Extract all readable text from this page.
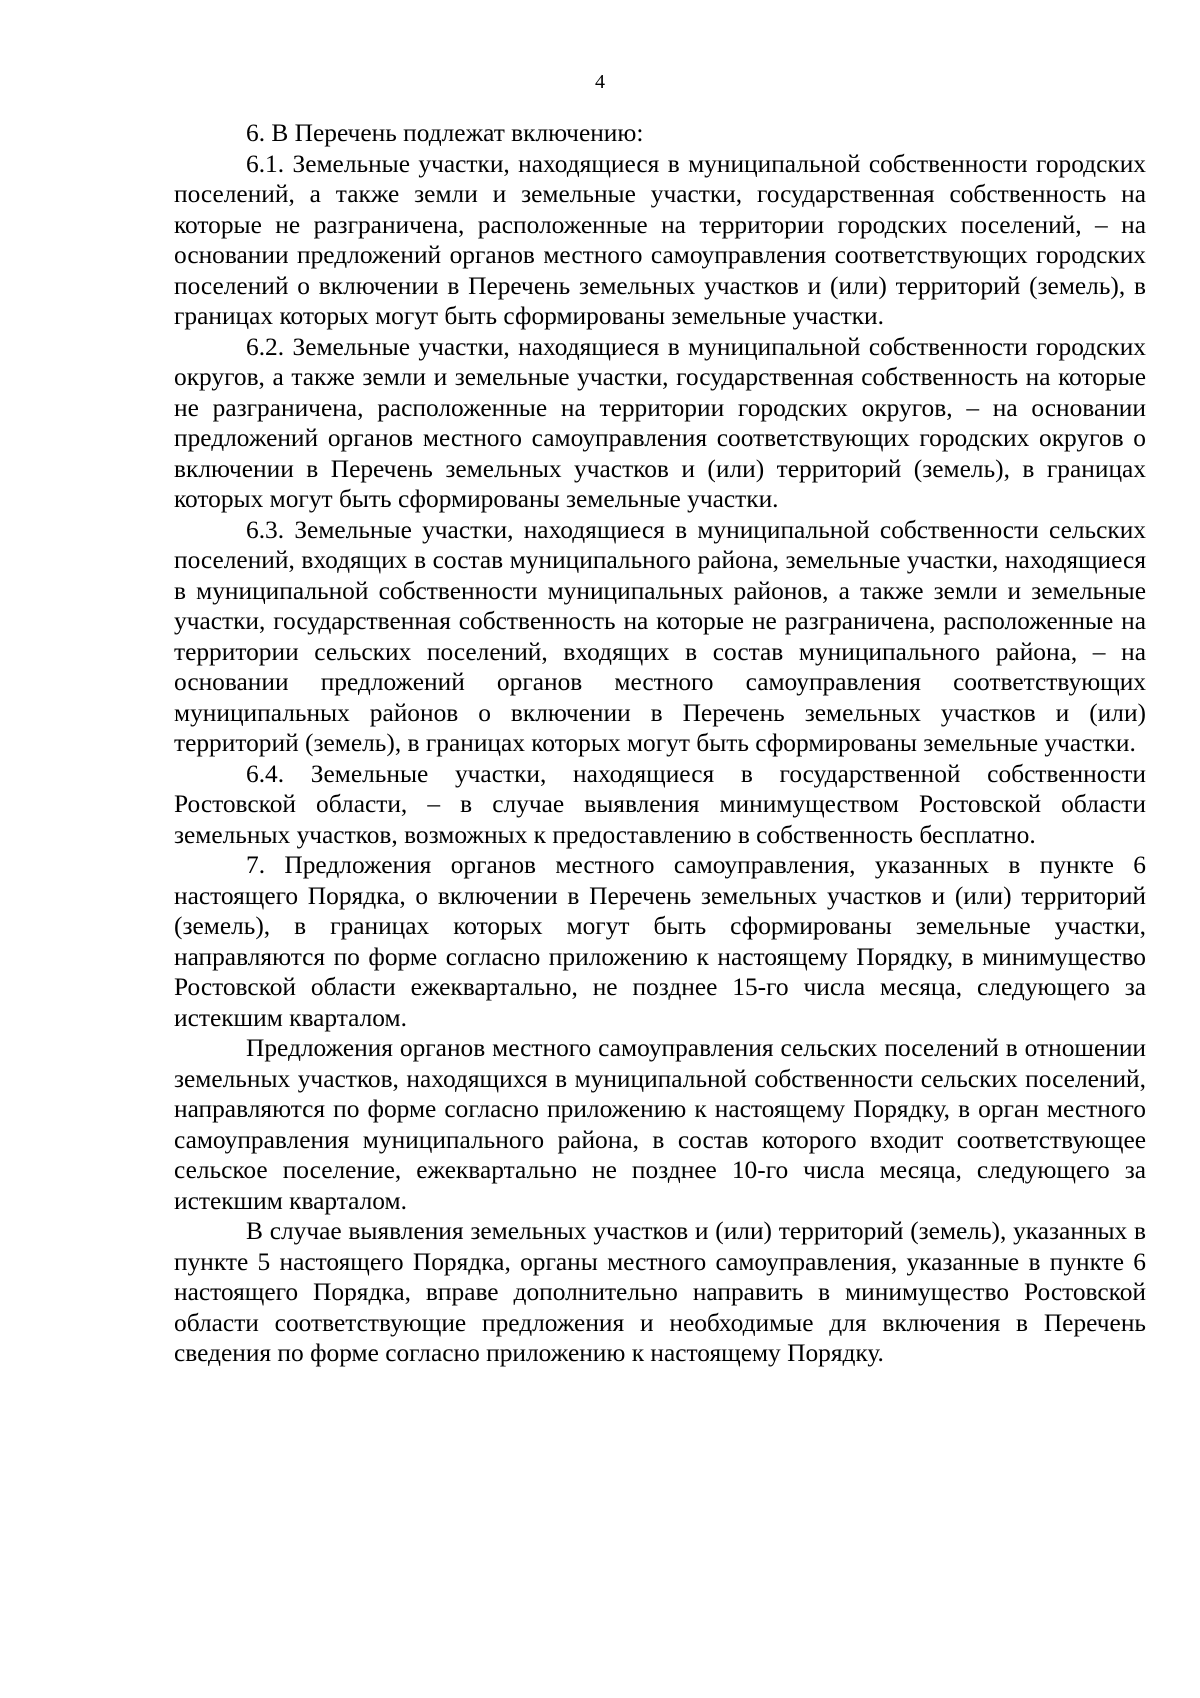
4

6. В Перечень подлежат включению:

6.1. Земельные участки, находящиеся в муниципальной собственности городских поселений, а также земли и земельные участки, государственная собственность на которые не разграничена, расположенные на территории городских поселений, – на основании предложений органов местного самоуправления соответствующих городских поселений о включении в Перечень земельных участков и (или) территорий (земель), в границах которых могут быть сформированы земельные участки.

6.2. Земельные участки, находящиеся в муниципальной собственности городских округов, а также земли и земельные участки, государственная собственность на которые не разграничена, расположенные на территории городских округов, – на основании предложений органов местного самоуправления соответствующих городских округов о включении в Перечень земельных участков и (или) территорий (земель), в границах которых могут быть сформированы земельные участки.

6.3. Земельные участки, находящиеся в муниципальной собственности сельских поселений, входящих в состав муниципального района, земельные участки, находящиеся в муниципальной собственности муниципальных районов, а также земли и земельные участки, государственная собственность на которые не разграничена, расположенные на территории сельских поселений, входящих в состав муниципального района, – на основании предложений органов местного самоуправления соответствующих муниципальных районов о включении в Перечень земельных участков и (или) территорий (земель), в границах которых могут быть сформированы земельные участки.

6.4. Земельные участки, находящиеся в государственной собственности Ростовской области, – в случае выявления минимуществом Ростовской области земельных участков, возможных к предоставлению в собственность бесплатно.

7. Предложения органов местного самоуправления, указанных в пункте 6 настоящего Порядка, о включении в Перечень земельных участков и (или) территорий (земель), в границах которых могут быть сформированы земельные участки, направляются по форме согласно приложению к настоящему Порядку, в минимущество Ростовской области ежеквартально, не позднее 15-го числа месяца, следующего за истекшим кварталом.

Предложения органов местного самоуправления сельских поселений в отношении земельных участков, находящихся в муниципальной собственности сельских поселений, направляются по форме согласно приложению к настоящему Порядку, в орган местного самоуправления муниципального района, в состав которого входит соответствующее сельское поселение, ежеквартально не позднее 10-го числа месяца, следующего за истекшим кварталом.

В случае выявления земельных участков и (или) территорий (земель), указанных в пункте 5 настоящего Порядка, органы местного самоуправления, указанные в пункте 6 настоящего Порядка, вправе дополнительно направить в минимущество Ростовской области соответствующие предложения и необходимые для включения в Перечень сведения по форме согласно приложению к настоящему Порядку.
